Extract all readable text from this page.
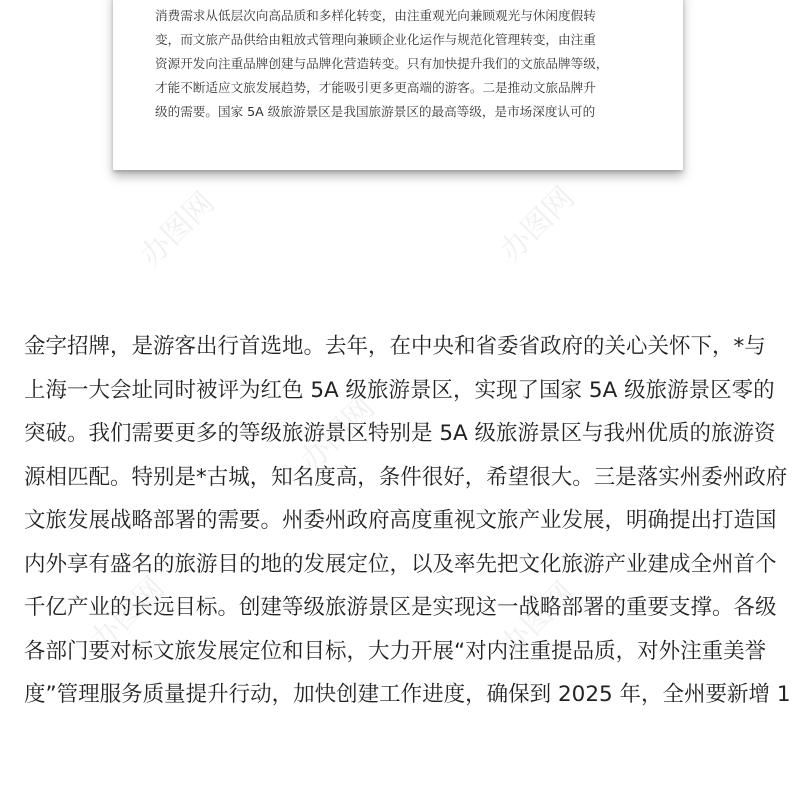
消费需求从低层次向高品质和多样化转变，由注重观光向兼顾观光与休闲度假转
变，而文旅产品供给由粗放式管理向兼顾企业化运作与规范化管理转变，由注重
资源开发向注重品牌创建与品牌化营造转变。只有加快提升我们的文旅品牌等级，
才能不断适应文旅发展趋势，才能吸引更多更高端的游客。二是推动文旅品牌升
级的需要。国家 5A 级旅游景区是我国旅游景区的最高等级，是市场深度认可的
办图网	办图网
办图网
办图网	办图网
金字招牌，是游客出行首选地。去年，在中央和省委省政府的关心关怀下，*与
上海一大会址同时被评为红色 5A 级旅游景区，实现了国家 5A 级旅游景区零的
突破。我们需要更多的等级旅游景区特别是 5A 级旅游景区与我州优质的旅游资
源相匹配。特别是*古城，知名度高，条件很好，希望很大。三是落实州委州政府
文旅发展战略部署的需要。州委州政府高度重视文旅产业发展，明确提出打造国
内外享有盛名的旅游目的地的发展定位，以及率先把文化旅游产业建成全州首个
千亿产业的长远目标。创建等级旅游景区是实现这一战略部署的重要支撑。各级
各部门要对标文旅发展定位和目标，大力开展“对内注重提品质，对外注重美誉
度”管理服务质量提升行动，加快创建工作进度，确保到 2025 年，全州要新增 1
